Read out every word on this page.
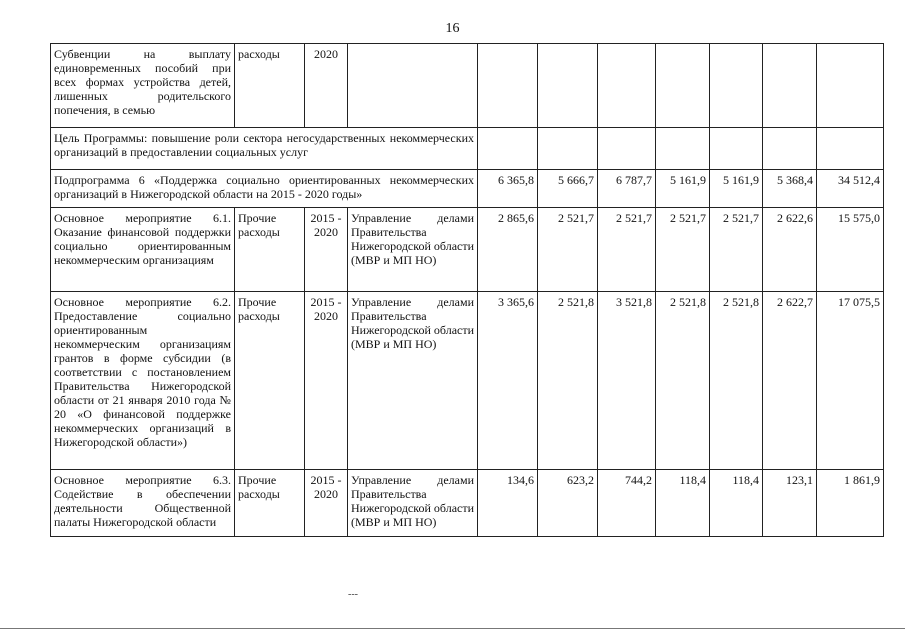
16
Субвенции на выплату единовременных пособий при всех формах устройства детей, лишенных родительского попечения, в семью	расходы	2020								
Цель Программы: повышение роли сектора негосударственных некоммерческих организаций в предоставлении социальных услуг										
Подпрограмма 6 «Поддержка социально ориентированных некоммерческих организаций в Нижегородской области на 2015 - 2020 годы»				6 365,8	5 666,7	6 787,7	5 161,9	5 161,9	5 368,4	34 512,4
Основное мероприятие 6.1. Оказание финансовой поддержки социально ориентированным некоммерческим организациям	Прочие расходы	2015 - 2020	Управление делами Правительства Нижегородской области (МВР и МП НО)	2 865,6	2 521,7	2 521,7	2 521,7	2 521,7	2 622,6	15 575,0
Основное мероприятие 6.2. Предоставление социально ориентированным некоммерческим организациям грантов в форме субсидии (в соответствии с постановлением Правительства Нижегородской области от 21 января 2010 года № 20 «О финансовой поддержке некоммерческих организаций в Нижегородской области»)	Прочие расходы	2015 - 2020	Управление делами Правительства Нижегородской области (МВР и МП НО)	3 365,6	2 521,8	3 521,8	2 521,8	2 521,8	2 622,7	17 075,5
Основное мероприятие 6.3. Содействие в обеспечении деятельности Общественной палаты Нижегородской области	Прочие расходы	2015 - 2020	Управление делами Правительства Нижегородской области (МВР и МП НО)	134,6	623,2	744,2	118,4	118,4	123,1	1 861,9
‑‑‑
